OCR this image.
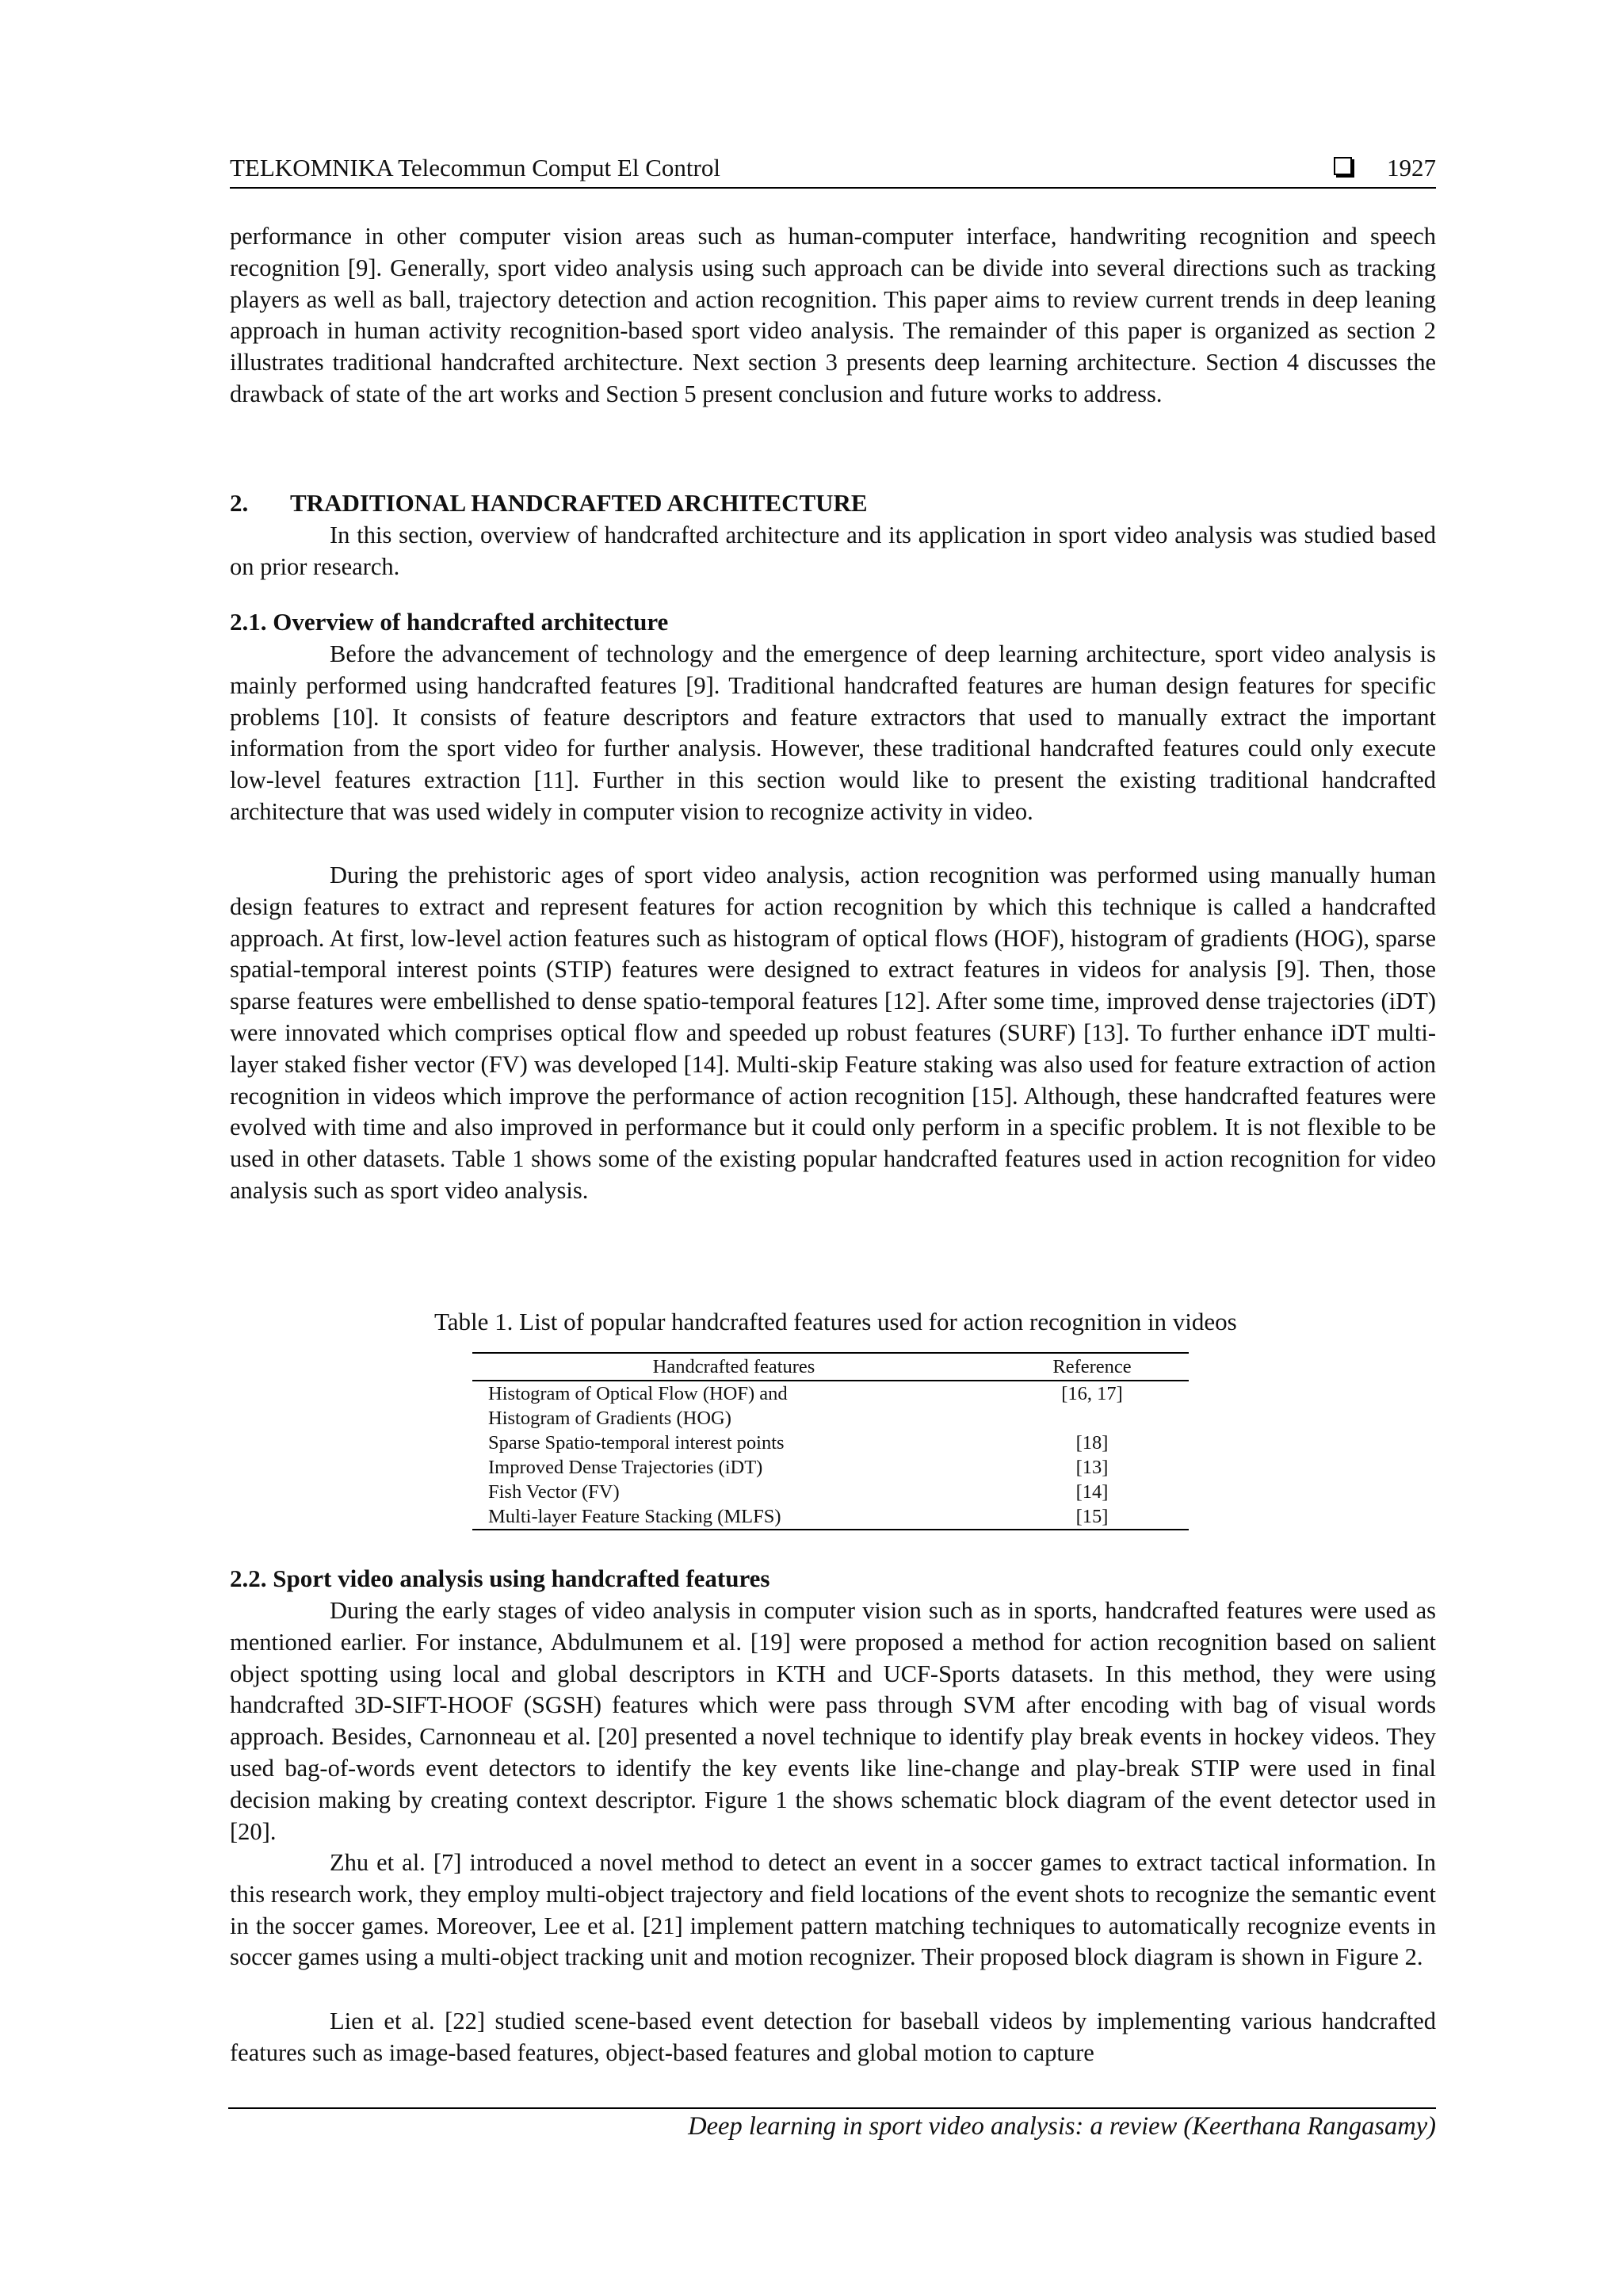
TELKOMNIKA Telecommun Comput El Control	1927

performance in other computer vision areas such as human-computer interface, handwriting recognition and speech recognition [9]. Generally, sport video analysis using such approach can be divide into several directions such as tracking players as well as ball, trajectory detection and action recognition. This paper aims to review current trends in deep leaning approach in human activity recognition-based sport video analysis. The remainder of this paper is organized as section 2 illustrates traditional handcrafted architecture. Next section 3 presents deep learning architecture. Section 4 discusses the drawback of state of the art works and Section 5 present conclusion and future works to address.

2. TRADITIONAL HANDCRAFTED ARCHITECTURE

In this section, overview of handcrafted architecture and its application in sport video analysis was studied based on prior research.

2.1. Overview of handcrafted architecture

Before the advancement of technology and the emergence of deep learning architecture, sport video analysis is mainly performed using handcrafted features [9]. Traditional handcrafted features are human design features for specific problems [10]. It consists of feature descriptors and feature extractors that used to manually extract the important information from the sport video for further analysis. However, these traditional handcrafted features could only execute low-level features extraction [11]. Further in this section would like to present the existing traditional handcrafted architecture that was used widely in computer vision to recognize activity in video.

During the prehistoric ages of sport video analysis, action recognition was performed using manually human design features to extract and represent features for action recognition by which this technique is called a handcrafted approach. At first, low-level action features such as histogram of optical flows (HOF), histogram of gradients (HOG), sparse spatial-temporal interest points (STIP) features were designed to extract features in videos for analysis [9]. Then, those sparse features were embellished to dense spatio-temporal features [12]. After some time, improved dense trajectories (iDT) were innovated which comprises optical flow and speeded up robust features (SURF) [13]. To further enhance iDT multi-layer staked fisher vector (FV) was developed [14]. Multi-skip Feature staking was also used for feature extraction of action recognition in videos which improve the performance of action recognition [15]. Although, these handcrafted features were evolved with time and also improved in performance but it could only perform in a specific problem. It is not flexible to be used in other datasets. Table 1 shows some of the existing popular handcrafted features used in action recognition for video analysis such as sport video analysis.

Table 1. List of popular handcrafted features used for action recognition in videos

Handcrafted features	Reference
Histogram of Optical Flow (HOF) and	[16, 17]
Histogram of Gradients (HOG)	
Sparse Spatio-temporal interest points	[18]
Improved Dense Trajectories (iDT)	[13]
Fish Vector (FV)	[14]
Multi-layer Feature Stacking (MLFS)	[15]
2.2. Sport video analysis using handcrafted features

During the early stages of video analysis in computer vision such as in sports, handcrafted features were used as mentioned earlier. For instance, Abdulmunem et al. [19] were proposed a method for action recognition based on salient object spotting using local and global descriptors in KTH and UCF-Sports datasets. In this method, they were using handcrafted 3D-SIFT-HOOF (SGSH) features which were pass through SVM after encoding with bag of visual words approach. Besides, Carnonneau et al. [20] presented a novel technique to identify play break events in hockey videos. They used bag-of-words event detectors to identify the key events like line-change and play-break STIP were used in final decision making by creating context descriptor. Figure 1 the shows schematic block diagram of the event detector used in [20].

Zhu et al. [7] introduced a novel method to detect an event in a soccer games to extract tactical information. In this research work, they employ multi-object trajectory and field locations of the event shots to recognize the semantic event in the soccer games. Moreover, Lee et al. [21] implement pattern matching techniques to automatically recognize events in soccer games using a multi-object tracking unit and motion recognizer. Their proposed block diagram is shown in Figure 2.

Lien et al. [22] studied scene-based event detection for baseball videos by implementing various handcrafted features such as image-based features, object-based features and global motion to capture

Deep learning in sport video analysis: a review (Keerthana Rangasamy)
